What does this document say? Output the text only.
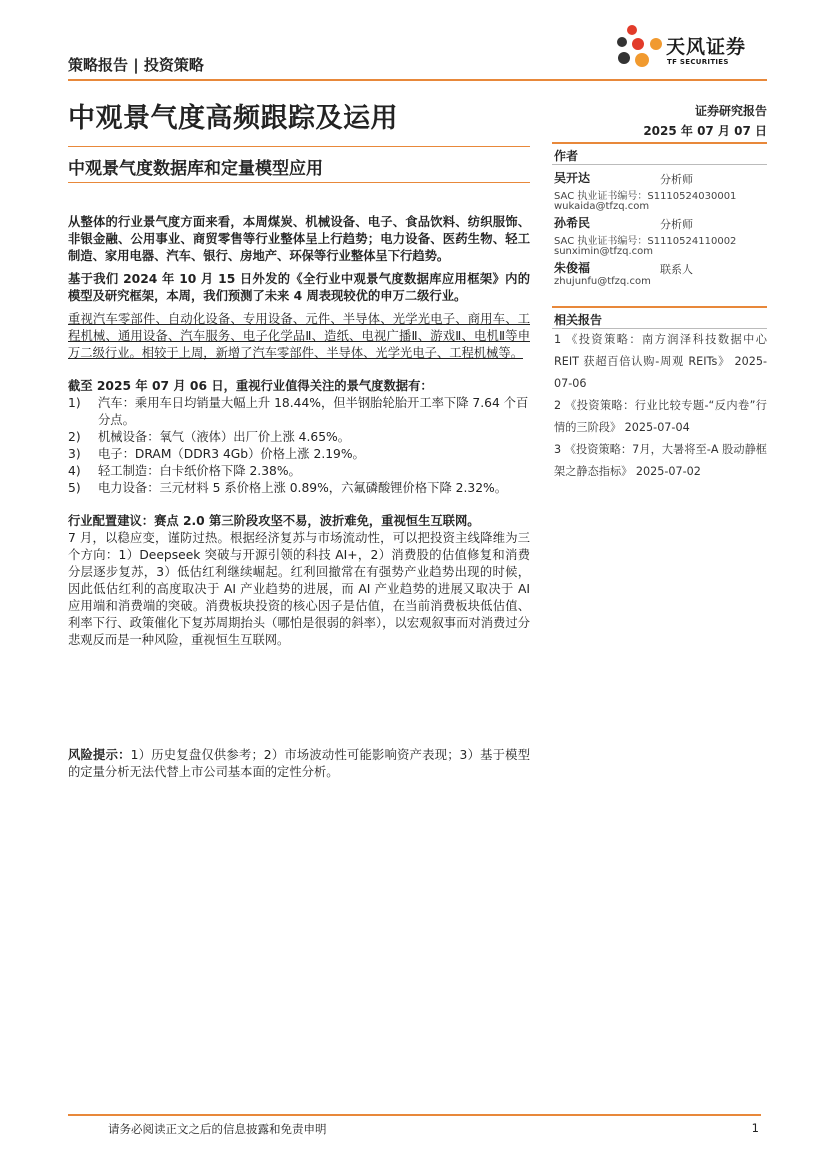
策略报告 | 投资策略
天风证券
TF SECURITIES
中观景气度高频跟踪及运用
中观景气度数据库和定量模型应用
证券研究报告
2025 年 07 月 07 日
作者
吴开达	分析师
SAC 执业证书编号：S1110524030001
wukaida@tfzq.com
孙希民	分析师
SAC 执业证书编号：S1110524110002
sunximin@tfzq.com
朱俊福	联系人
zhujunfu@tfzq.com
相关报告
1 《投资策略：南方润泽科技数据中心 REIT 获超百倍认购-周观 REITs》 2025-07-06
2 《投资策略：行业比较专题-“反内卷”行情的三阶段》 2025-07-04
3 《投资策略：7月，大暑将至-A 股动静框架之静态指标》 2025-07-02

从整体的行业景气度方面来看，本周煤炭、机械设备、电子、食品饮料、纺织服饰、非银金融、公用事业、商贸零售等行业整体呈上行趋势；电力设备、医药生物、轻工制造、家用电器、汽车、银行、房地产、环保等行业整体呈下行趋势。

基于我们 2024 年 10 月 15 日外发的《全行业中观景气度数据库应用框架》内的模型及研究框架，本周，我们预测了未来 4 周表现较优的申万二级行业。

重视汽车零部件、自动化设备、专用设备、元件、半导体、光学光电子、商用车、工程机械、通用设备、汽车服务、电子化学品Ⅱ、造纸、电视广播Ⅱ、游戏Ⅱ、电机Ⅱ等申万二级行业。相较于上周，新增了汽车零部件、半导体、光学光电子、工程机械等。

截至 2025 年 07 月 06 日，重视行业值得关注的景气度数据有：

1)	汽车：乘用车日均销量大幅上升 18.44%，但半钢胎轮胎开工率下降 7.64 个百分点。
2)	机械设备：氧气（液体）出厂价上涨 4.65%。
3)	电子：DRAM（DDR3 4Gb）价格上涨 2.19%。
4)	轻工制造：白卡纸价格下降 2.38%。
5)	电力设备：三元材料 5 系价格上涨 0.89%，六氟磷酸锂价格下降 2.32%。

行业配置建议：赛点 2.0 第三阶段攻坚不易，波折难免，重视恒生互联网。

7 月，以稳应变，谨防过热。根据经济复苏与市场流动性，可以把投资主线降维为三个方向：1）Deepseek 突破与开源引领的科技 AI+，2）消费股的估值修复和消费分层逐步复苏，3）低估红利继续崛起。红利回撤常在有强势产业趋势出现的时候，因此低估红利的高度取决于 AI 产业趋势的进展，而 AI 产业趋势的进展又取决于 AI 应用端和消费端的突破。消费板块投资的核心因子是估值，在当前消费板块低估值、利率下行、政策催化下复苏周期抬头（哪怕是很弱的斜率），以宏观叙事而对消费过分悲观反而是一种风险，重视恒生互联网。

风险提示：1）历史复盘仅供参考；2）市场波动性可能影响资产表现；3）基于模型的定量分析无法代替上市公司基本面的定性分析。

请务必阅读正文之后的信息披露和免责申明	1
